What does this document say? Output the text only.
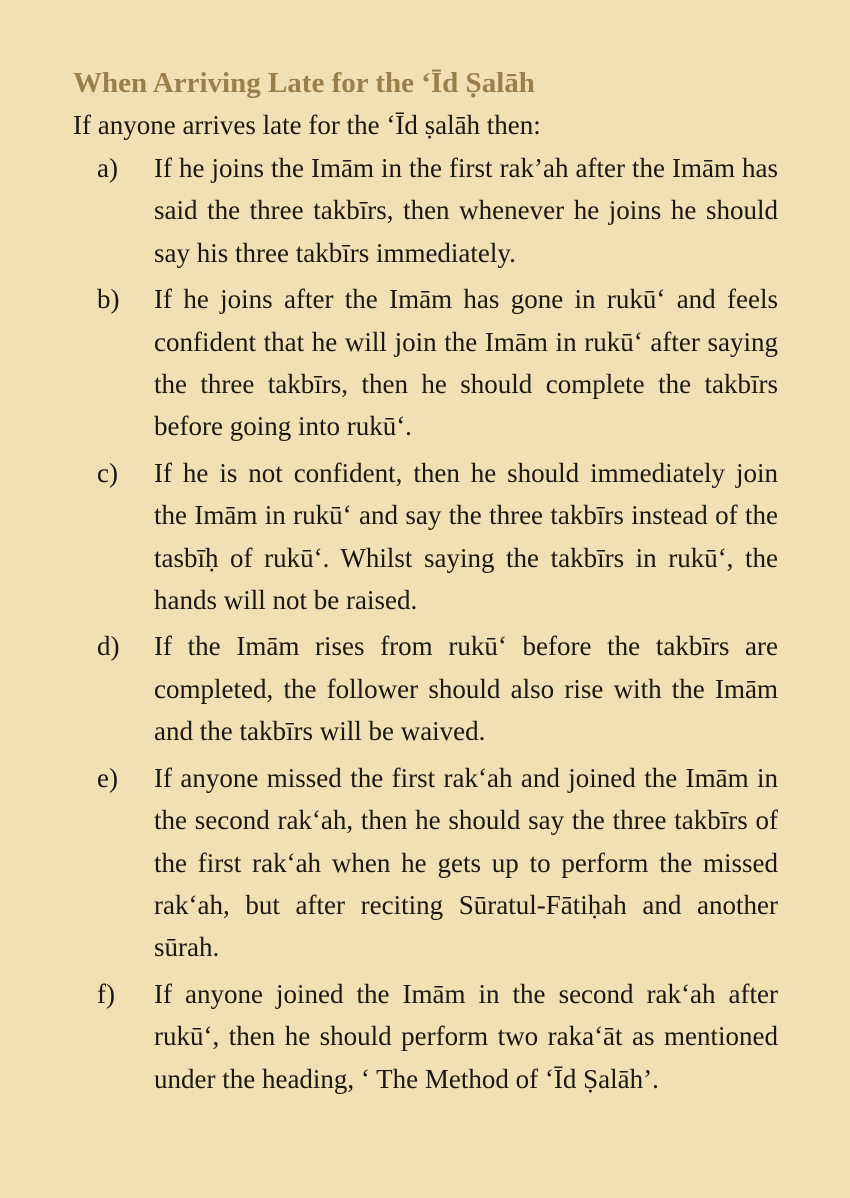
When Arriving Late for the ‘Īd Ṣalāh

If anyone arrives late for the ‘Īd ṣalāh then:

a)	If he joins the Imām in the first rak’ah after the Imām has said the three takbīrs, then whenever he joins he should say his three takbīrs immediately.
b)	If he joins after the Imām has gone in rukū‘ and feels confident that he will join the Imām in rukū‘ after saying the three takbīrs, then he should complete the takbīrs before going into rukū‘.
c)	If he is not confident, then he should immediately join the Imām in rukū‘ and say the three takbīrs instead of the tasbīḥ of rukū‘. Whilst saying the takbīrs in rukū‘, the hands will not be raised.
d)	If the Imām rises from rukū‘ before the takbīrs are completed, the follower should also rise with the Imām and the takbīrs will be waived.
e)	If anyone missed the first rak‘ah and joined the Imām in the second rak‘ah, then he should say the three takbīrs of the first rak‘ah when he gets up to perform the missed rak‘ah, but after reciting Sūratul-Fātiḥah and another sūrah.
f)	If anyone joined the Imām in the second rak‘ah after rukū‘, then he should perform two raka‘āt as mentioned under the heading, ‘ The Method of ‘Īd Ṣalāh’.
